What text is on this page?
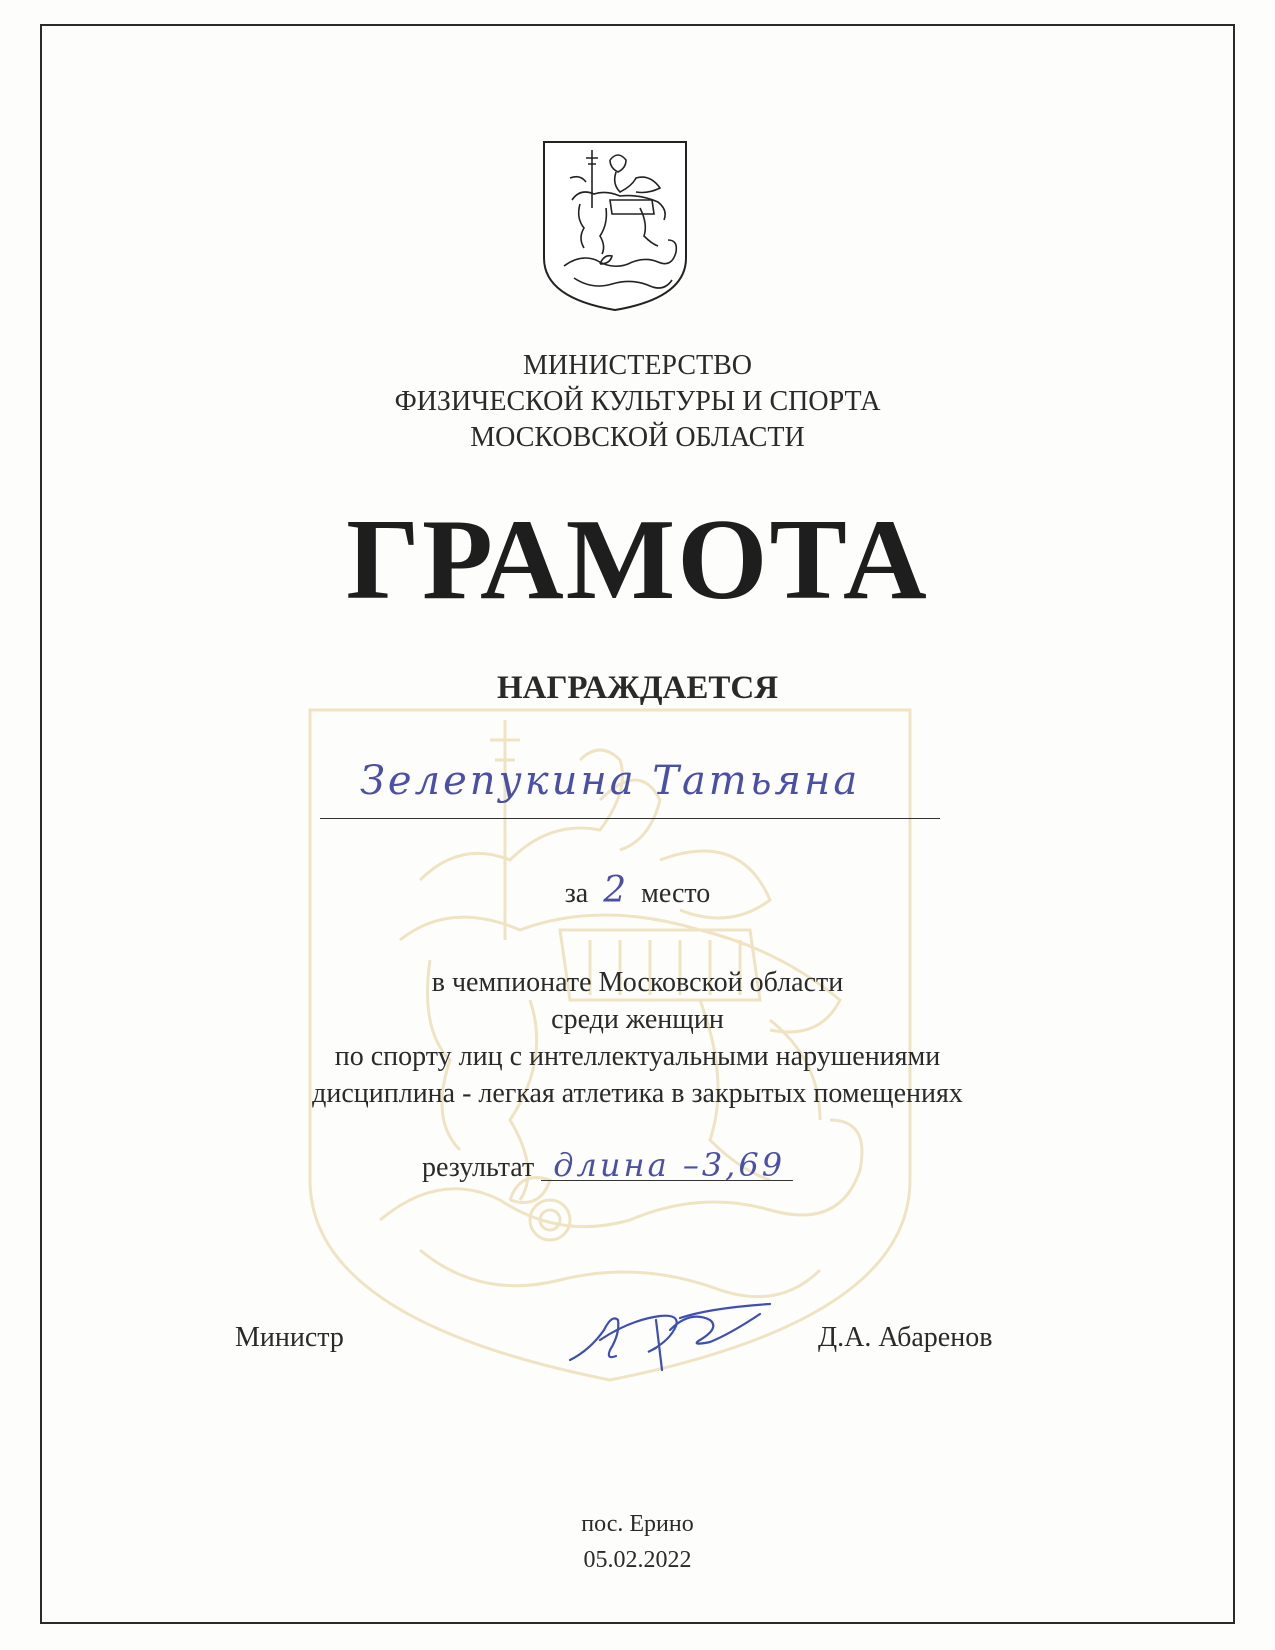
МИНИСТЕРСТВО
ФИЗИЧЕСКОЙ КУЛЬТУРЫ И СПОРТА
МОСКОВСКОЙ ОБЛАСТИ
ГРАМОТА
НАГРАЖДАЕТСЯ
Зелепукина Татьяна
за 2 место
в чемпионате Московской области
среди женщин
по спорту лиц с интеллектуальными нарушениями
дисциплина - легкая атлетика в закрытых помещениях
результат длина –3,69
Министр	Д.А. Абаренов
пос. Ерино
05.02.2022
